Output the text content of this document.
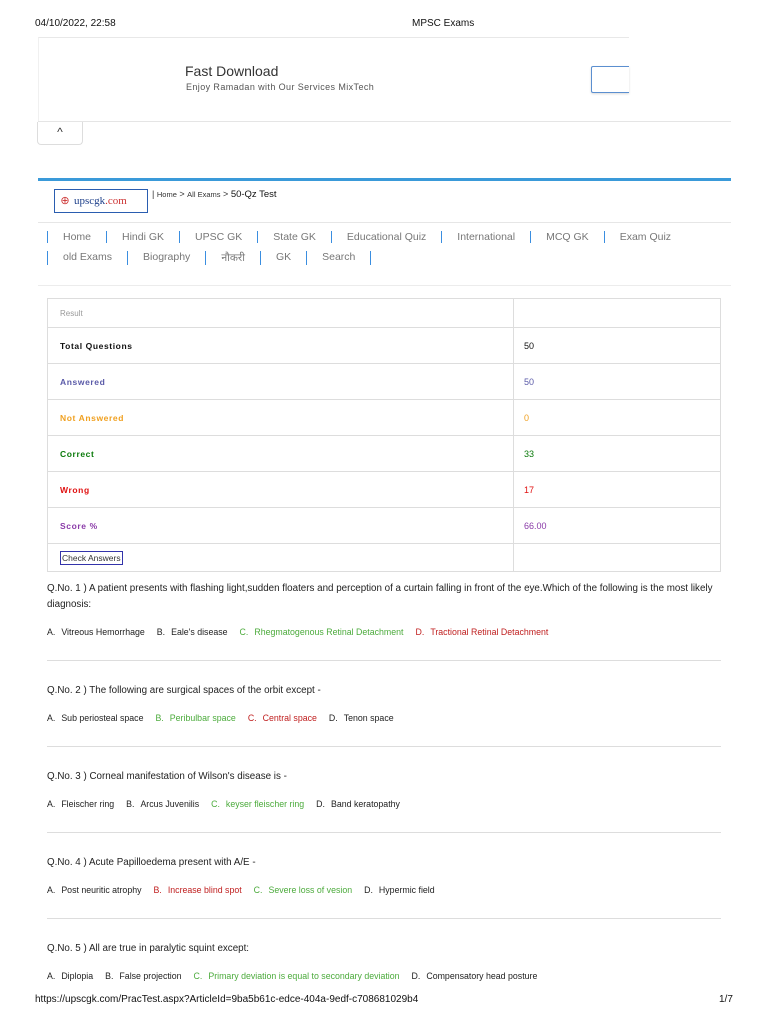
04/10/2022, 22:58	MPSC Exams
Fast Download
Enjoy Ramadan with Our Services MixTech
^
⊕ upscgk.com
| Home > All Exams > 50-Qz Test
Home	Hindi GK	UPSC GK	State GK	Educational Quiz	International	MCQ GK	Exam Quiz
old Exams	Biography	नौकरी	GK	Search
Result	
Total Questions	50
Answered	50
Not Answered	0
Correct	33
Wrong	17
Score %	66.00
Check Answers	
Q.No. 1 ) A patient presents with flashing light,sudden floaters and perception of a curtain falling in front of the eye.Which of the following is the most likely diagnosis:
A. Vitreous Hemorrhage B. Eale's disease C. Rhegmatogenous Retinal Detachment D. Tractional Retinal Detachment
Q.No. 2 ) The following are surgical spaces of the orbit except -
A. Sub periosteal space B. Peribulbar space C. Central space D. Tenon space
Q.No. 3 ) Corneal manifestation of Wilson's disease is -
A. Fleischer ring B. Arcus Juvenilis C. keyser fleischer ring D. Band keratopathy
Q.No. 4 ) Acute Papilloedema present with A/E -
A. Post neuritic atrophy B. Increase blind spot C. Severe loss of vesion D. Hypermic field
Q.No. 5 ) All are true in paralytic squint except:
A. Diplopia B. False projection C. Primary deviation is equal to secondary deviation D. Compensatory head posture
https://upscgk.com/PracTest.aspx?ArticleId=9ba5b61c-edce-404a-9edf-c708681029b4	1/7
